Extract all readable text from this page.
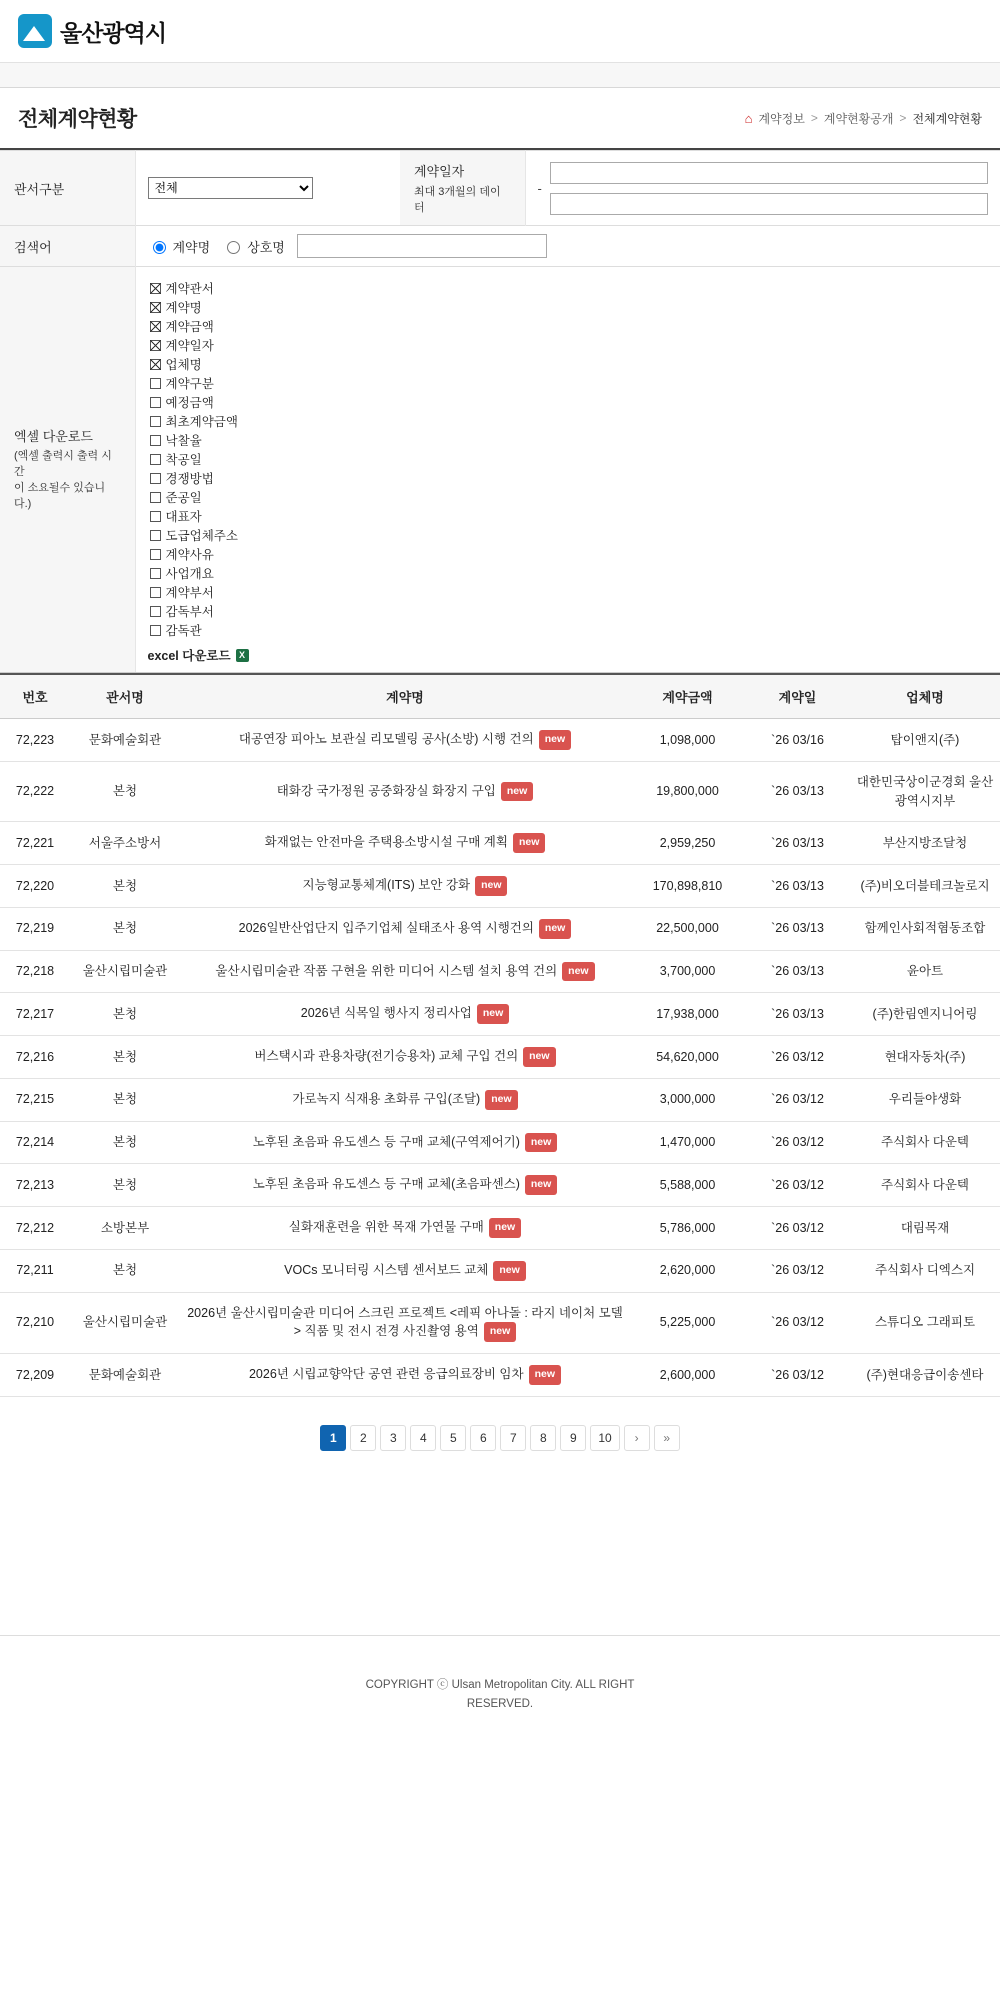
울산광역시
전체계약현황	⌂ 계약정보 > 계약현황공개 > 전체계약현황
관서구분	
전체	계약일자
최대 3개월의 데이터	-

검색어	계약명 상호명		

엑셀 다운로드
(엑셀 출력시 출력 시간
이 소요될수 있습니다.)

계약관서
계약명
계약금액
계약일자
업체명
계약구분
예정금액
최초계약금액
낙찰율
착공일
경쟁방법
준공일
대표자
도급업체주소
계약사유
사업개요
계약부서
감독부서
감독관
excel 다운로드 X
번호	관서명	계약명	계약금액	계약일	업체명
72,223	문화예술회관	대공연장 피아노 보관실 리모델링 공사(소방) 시행 건의 new	1,098,000	`26 03/16	탑이앤지(주)
72,222	본청	태화강 국가정원 공중화장실 화장지 구입 new	19,800,000	`26 03/13	대한민국상이군경회 울산광역시지부
72,221	서울주소방서	화재없는 안전마을 주택용소방시설 구매 계획 new	2,959,250	`26 03/13	부산지방조달청
72,220	본청	지능형교통체계(ITS) 보안 강화 new	170,898,810	`26 03/13	(주)비오더블테크놀로지
72,219	본청	2026일반산업단지 입주기업체 실태조사 용역 시행건의 new	22,500,000	`26 03/13	함께인사회적혐동조합
72,218	울산시립미술관	울산시립미술관 작품 구현을 위한 미디어 시스템 설치 용역 건의 new	3,700,000	`26 03/13	윤아트
72,217	본청	2026년 식목일 행사지 정리사업 new	17,938,000	`26 03/13	(주)한림엔지니어링
72,216	본청	버스택시과 관용차량(전기승용차) 교체 구입 건의 new	54,620,000	`26 03/12	현대자동차(주)
72,215	본청	가로녹지 식재용 초화류 구입(조달) new	3,000,000	`26 03/12	우리들야생화
72,214	본청	노후된 초음파 유도센스 등 구매 교체(구역제어기) new	1,470,000	`26 03/12	주식회사 다운텍
72,213	본청	노후된 초음파 유도센스 등 구매 교체(초음파센스) new	5,588,000	`26 03/12	주식회사 다운텍
72,212	소방본부	실화재훈련을 위한 목재 가연물 구매 new	5,786,000	`26 03/12	대림목재
72,211	본청	VOCs 모니터링 시스템 센서보드 교체 new	2,620,000	`26 03/12	주식회사 디엑스지
72,210	울산시립미술관	2026년 울산시립미술관 미디어 스크린 프로젝트 <레픽 아나돌 : 라지 네이처 모델> 직품 및 전시 전경 사진촬영 용역 new	5,225,000	`26 03/12	스튜디오 그래피토
72,209	문화예술회관	2026년 시립교향악단 공연 관련 응급의료장비 임차 new	2,600,000	`26 03/12	(주)현대응급이송센타
1	2	3	4	5	6	7	8	9	10	›	»
COPYRIGHT ⓒ Ulsan Metropolitan City. ALL RIGHT
RESERVED.
